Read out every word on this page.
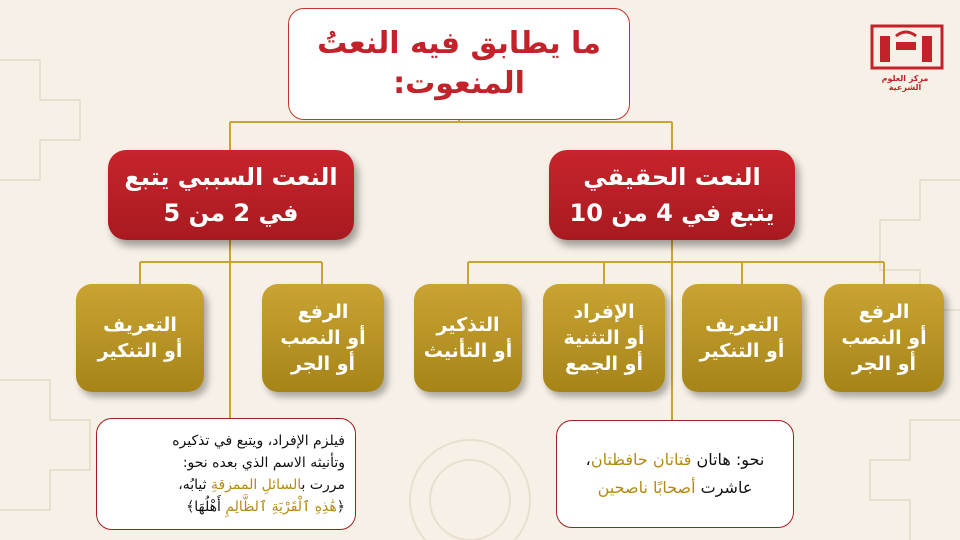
مركز العلوم الشرعية
ما يطابق فيه النعتُ
المنعوت:
النعت الحقيقي
يتبع في 4 من 10
النعت السببي يتبع
في 2 من 5
الرفع
أو النصب
أو الجر
التعريف
أو التنكير
الإفراد
أو التثنية
أو الجمع
التذكير
أو التأنيث
الرفع
أو النصب
أو الجر
التعريف
أو التنكير
نحو: هاتان فتاتان حافظتان،
عاشرت أصحابًا ناصحين
فيلزم الإفراد، ويتبع في تذكيره
وتأنيثه الاسم الذي بعده نحو:
مررت بالسائلِ الممزقةِ ثيابُه،
﴿هَٰذِهِ ٱلْقَرْيَةِ ٱلظَّالِمِ أَهْلُهَا﴾
